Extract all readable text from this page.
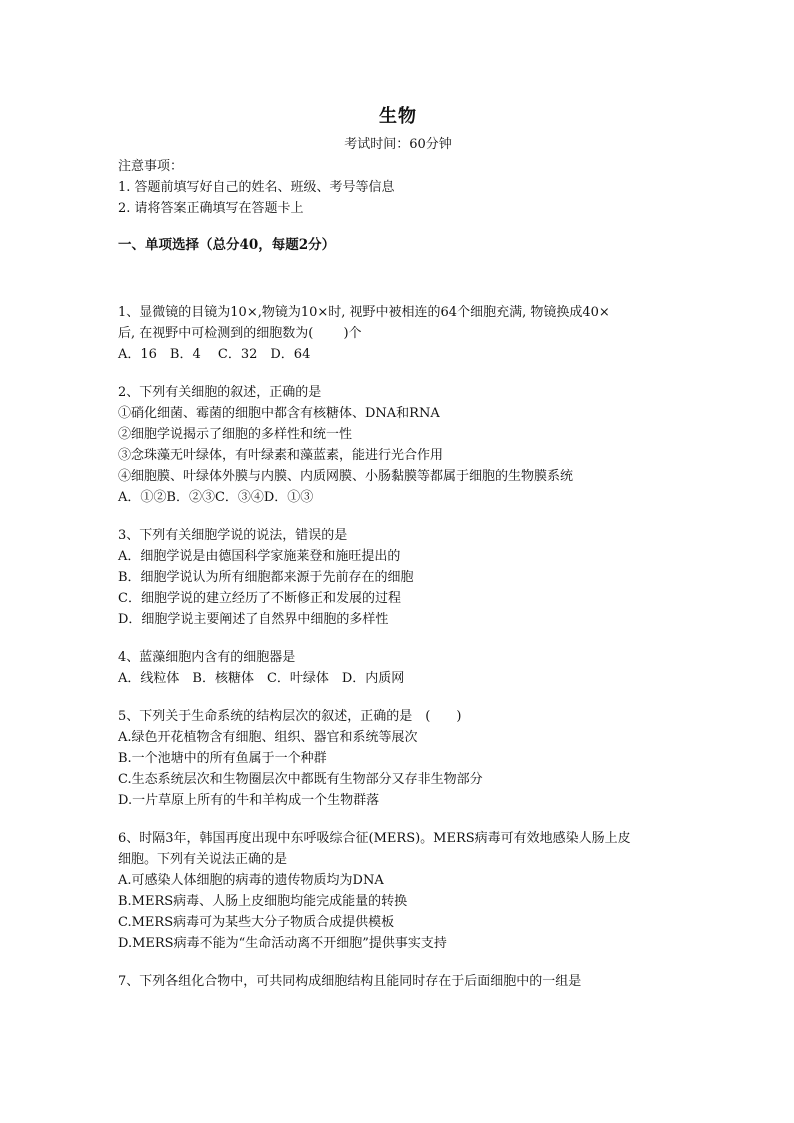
生物
考试时间：60分钟
注意事项：
1. 答题前填写好自己的姓名、班级、考号等信息
2. 请将答案正确填写在答题卡上
一、单项选择（总分40，每题2分）
1、显微镜的目镜为10×,物镜为10×时, 视野中被相连的64个细胞充满, 物镜换成40×
后, 在视野中可检测到的细胞数为(　　 )个
A．16　B．4　 C．32　D．64
2、下列有关细胞的叙述，正确的是
①硝化细菌、霉菌的细胞中都含有核糖体、DNA和RNA
②细胞学说揭示了细胞的多样性和统一性
③念珠藻无叶绿体，有叶绿素和藻蓝素，能进行光合作用
④细胞膜、叶绿体外膜与内膜、内质网膜、小肠黏膜等都属于细胞的生物膜系统
A．①②B．②③C．③④D．①③
3、下列有关细胞学说的说法，错误的是
A．细胞学说是由德国科学家施莱登和施旺提出的
B．细胞学说认为所有细胞都来源于先前存在的细胞
C．细胞学说的建立经历了不断修正和发展的过程
D．细胞学说主要阐述了自然界中细胞的多样性
4、蓝藻细胞内含有的细胞器是
A．线粒体　B．核糖体　C．叶绿体　D．内质网
5、下列关于生命系统的结构层次的叙述，正确的是　(　　)
A.绿色开花植物含有细胞、组织、器官和系统等展次
B.一个池塘中的所有鱼属于一个种群
C.生态系统层次和生物圈层次中都既有生物部分又存非生物部分
D.一片草原上所有的牛和羊构成一个生物群落
6、时隔3年，韩国再度出现中东呼吸综合征(MERS)。MERS病毒可有效地感染人肠上皮
细胞。下列有关说法正确的是
A.可感染人体细胞的病毒的遗传物质均为DNA
B.MERS病毒、人肠上皮细胞均能完成能量的转换
C.MERS病毒可为某些大分子物质合成提供模板
D.MERS病毒不能为“生命活动离不开细胞”提供事实支持
7、下列各组化合物中，可共同构成细胞结构且能同时存在于后面细胞中的一组是
